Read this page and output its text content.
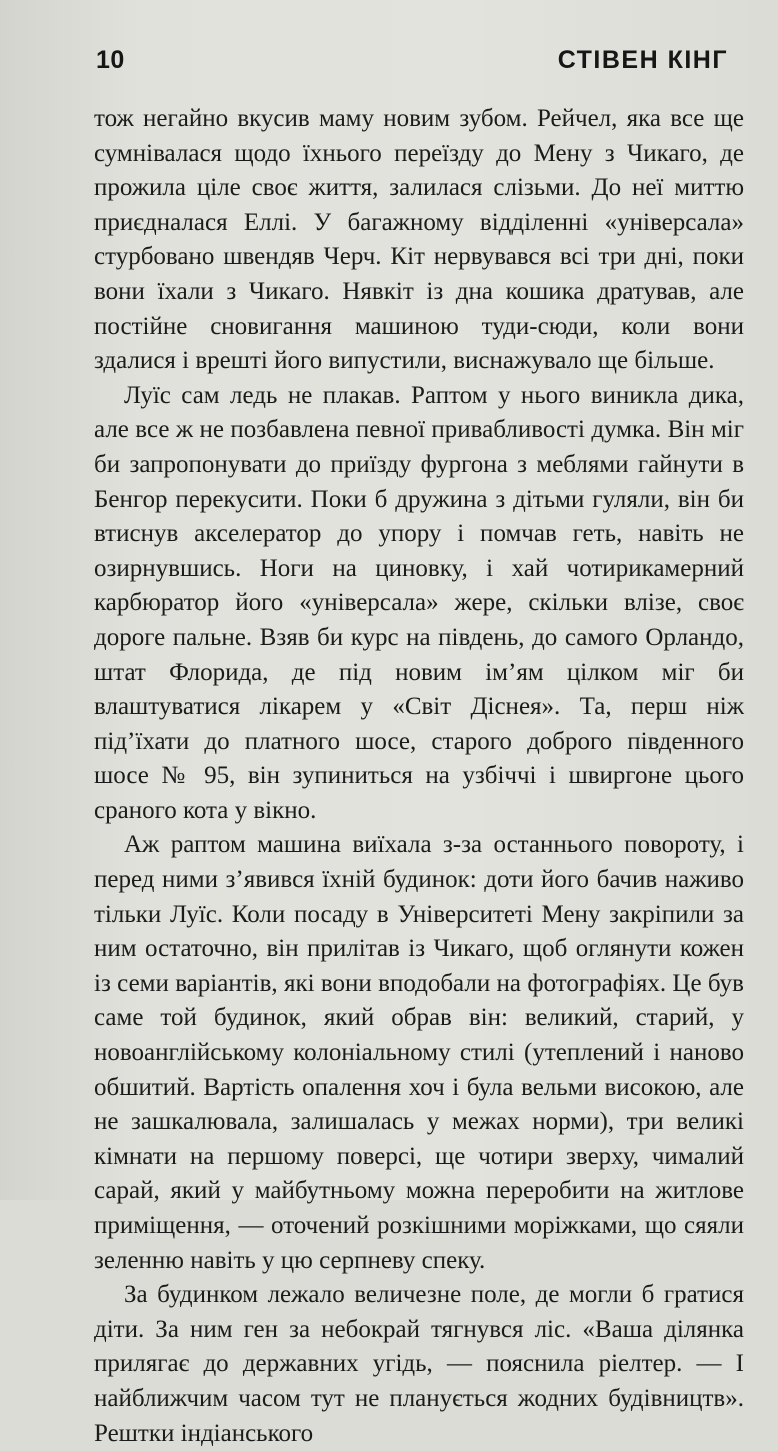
10	СТІВЕН КІНГ

тож негайно вкусив маму новим зубом. Рейчел, яка все ще сумнівалася щодо їхнього переїзду до Мену з Чикаго, де прожила ціле своє життя, залилася слізьми. До неї миттю приєдналася Еллі. У багажному відділенні «універсала» стурбовано швендяв Черч. Кіт нервувався всі три дні, поки вони їхали з Чикаго. Нявкіт із дна кошика дратував, але постійне сновигання машиною туди-сюди, коли вони здалися і врешті його випустили, виснажувало ще більше.

Луїс сам ледь не плакав. Раптом у нього виникла дика, але все ж не позбавлена певної привабливості думка. Він міг би запропонувати до приїзду фургона з меблями гайнути в Бенгор перекусити. Поки б дружина з дітьми гуляли, він би втиснув акселератор до упору і помчав геть, навіть не озирнувшись. Ноги на циновку, і хай чотирикамерний карбюратор його «універсала» жере, скільки влізе, своє дороге пальне. Взяв би курс на південь, до самого Орландо, штат Флорида, де під новим ім’ям цілком міг би влаштуватися лікарем у «Світ Діснея». Та, перш ніж під’їхати до платного шосе, старого доброго південного шосе № 95, він зупиниться на узбіччі і швиргоне цього сраного кота у вікно.

Аж раптом машина виїхала з-за останнього повороту, і перед ними з’явився їхній будинок: доти його бачив наживо тільки Луїс. Коли посаду в Університеті Мену закріпили за ним остаточно, він прилітав із Чикаго, щоб оглянути кожен із семи варіантів, які вони вподобали на фотографіях. Це був саме той будинок, який обрав він: великий, старий, у новоанглійському колоніальному стилі (утеплений і наново обшитий. Вартість опалення хоч і була вельми високою, але не зашкалювала, залишалась у межах норми), три великі кімнати на першому поверсі, ще чотири зверху, чималий сарай, який у майбутньому можна переробити на житлове приміщення, — оточений розкішними моріжками, що сяяли зеленню навіть у цю серпневу спеку.

За будинком лежало величезне поле, де могли б гратися діти. За ним ген за небокрай тягнувся ліс. «Ваша ділянка прилягає до державних угідь, — пояснила ріелтер. — І найближчим часом тут не планується жодних будівництв». Рештки індіанського
